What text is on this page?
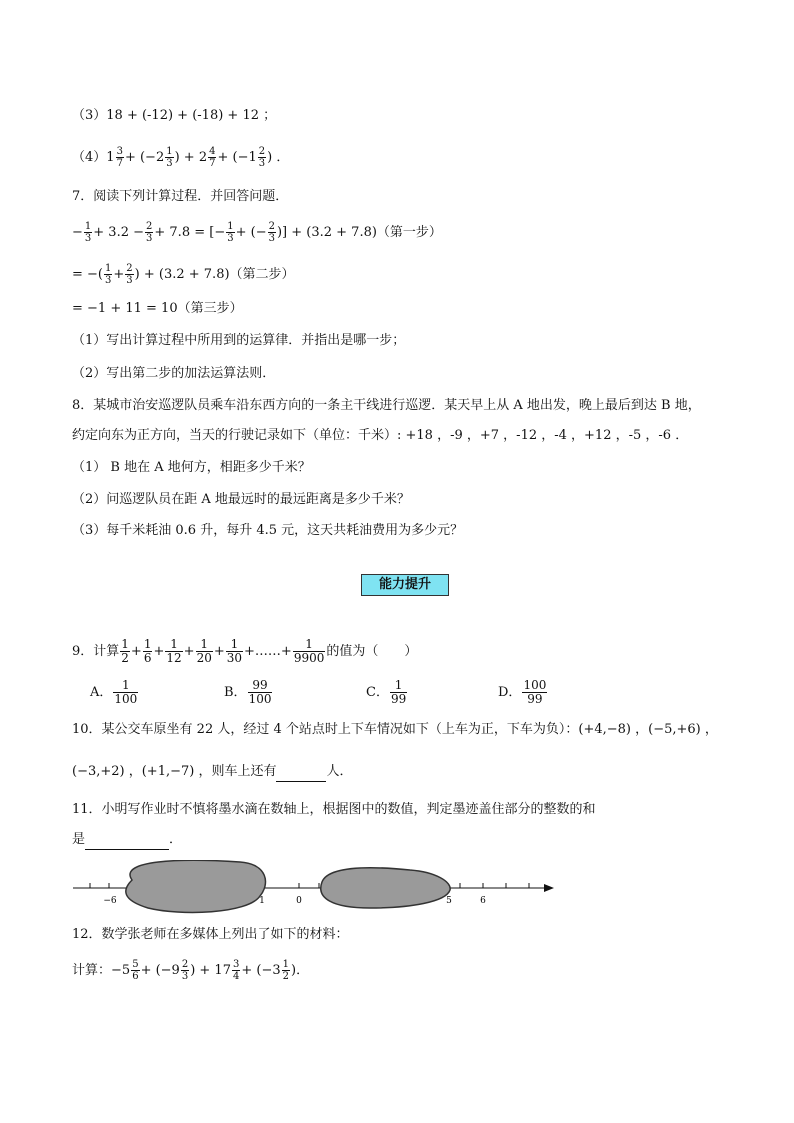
（3）18 + (-12) + (-18) + 12 ；
$(4)1 \frac{3}{7} + (-2 \frac{1}{3}$ ) + $2 \frac{4}{7} + (-1 \frac{2}{3}$ ) ．
7．阅读下列计算过程．并回答问题．
− $\frac{1}{3} + 3.2 - \frac{2}{3} + 7.8$ = [− $\frac{1}{3}$ + (− $\frac{2}{3}$ )] + (3.2 + 7.8)（第一步）
= −( $\frac{1}{3} + \frac{2}{3}$ ) + (3.2 + 7.8)（第二步）
= −1 + 11 = 10（第三步）
（1）写出计算过程中所用到的运算律．并指出是哪一步；
（2）写出第二步的加法运算法则．
8．某城市治安巡逻队员乘车沿东西方向的一条主干线进行巡逻．某天早上从 A 地出发，晚上最后到达 B 地，
约定向东为正方向，当天的行驶记录如下（单位：千米）: +18 ，-9 ，+7 ，-12 ，-4 ，+12 ，-5 ，-6 ．
（1） B 地在 A 地何方，相距多少千米？
（2）问巡逻队员在距 A 地最远时的最远距离是多少千米？
（3）每千米耗油 0.6 升，每升 4.5 元，这天共耗油费用为多少元？
能力提升
9．计算 $\frac{1}{2} + \frac{1}{6} + \frac{1}{12} + \frac{1}{20} + \frac{1}{30}$ +……+ $\frac{1}{9900}$ 的值为（　　）
A． $\frac{1}{100}$	B． $\frac{99}{100}$	C． $\frac{1}{99}$	D． $\frac{100}{99}$
10．某公交车原坐有 22 人，经过 4 个站点时上下车情况如下（上车为正，下车为负）：(+4,−8) ，(−5,+6) ，
(−3,+2) ，(+1,−7) ，则车上还有	人．
11．小明写作业时不慎将墨水滴在数轴上，根据图中的数值，判定墨迹盖住部分的整数的和
是	．
−6	1	0	5	6
12．数学张老师在多媒体上列出了如下的材料：
计算：$-5 \frac{5}{6} + (-9 \frac{2}{3}$ ) + $17 \frac{3}{4} + (-3 \frac{1}{2}$ )．
